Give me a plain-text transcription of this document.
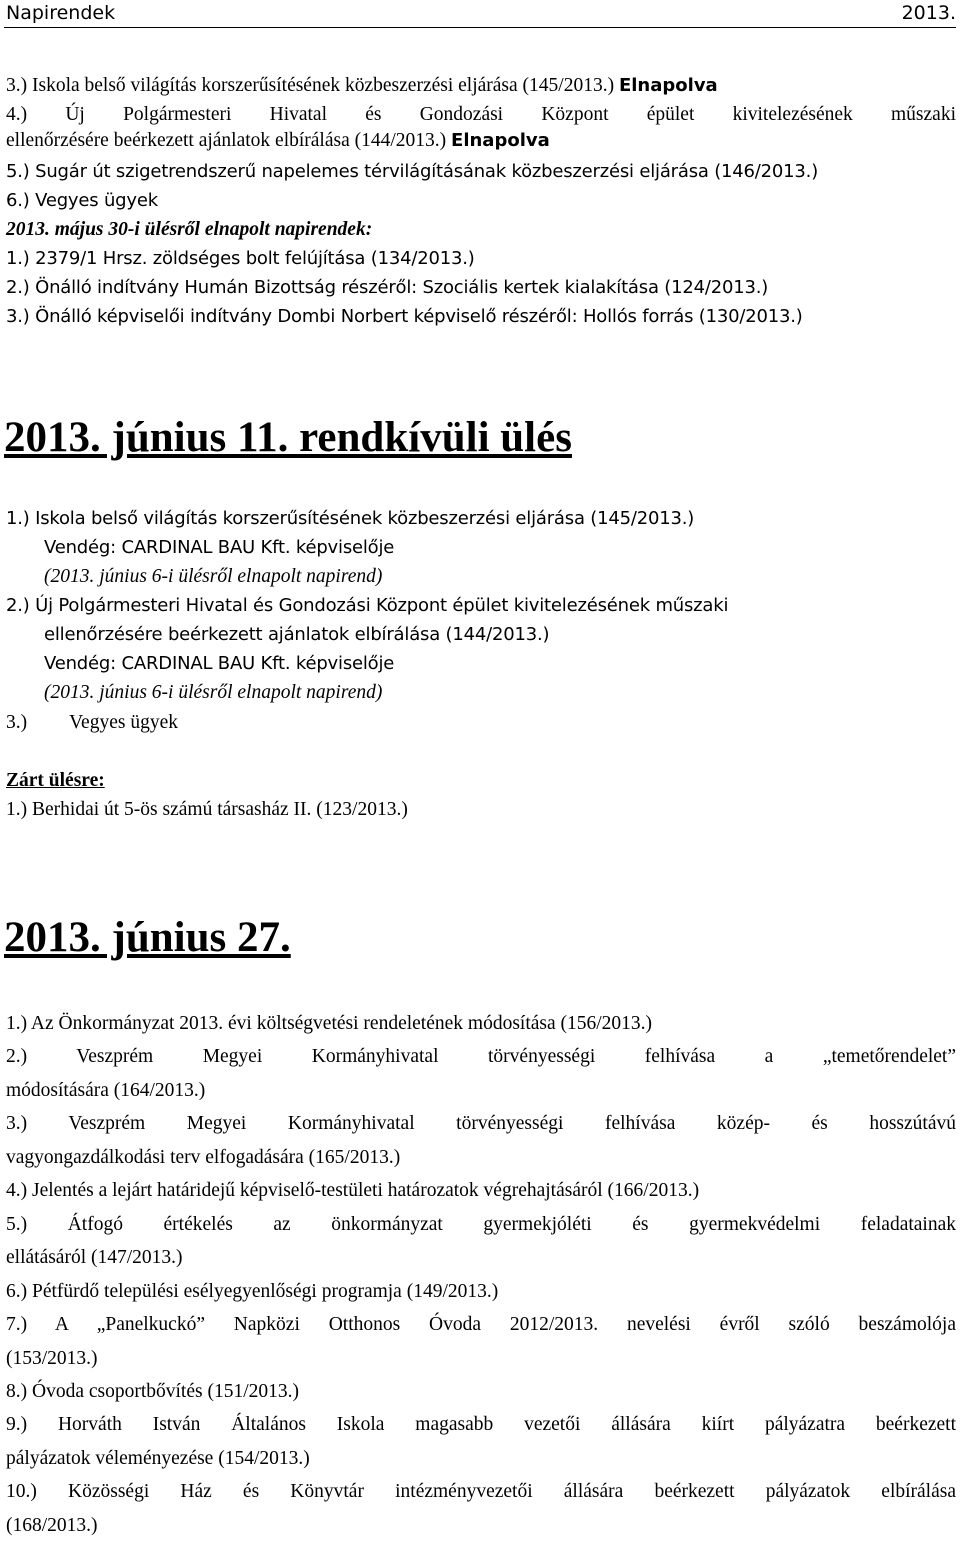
Napirendek	2013.
3.) Iskola belső világítás korszerűsítésének közbeszerzési eljárása (145/2013.) Elnapolva
4.) Új Polgármesteri Hivatal és Gondozási Központ épület kivitelezésének műszaki
ellenőrzésére beérkezett ajánlatok elbírálása (144/2013.) Elnapolva
5.) Sugár út szigetrendszerű napelemes térvilágításának közbeszerzési eljárása (146/2013.)
6.) Vegyes ügyek
2013. május 30-i ülésről elnapolt napirendek:
1.) 2379/1 Hrsz. zöldséges bolt felújítása (134/2013.)
2.) Önálló indítvány Humán Bizottság részéről: Szociális kertek kialakítása (124/2013.)
3.) Önálló képviselői indítvány Dombi Norbert képviselő részéről: Hollós forrás (130/2013.)
2013. június 11. rendkívüli ülés
1.) Iskola belső világítás korszerűsítésének közbeszerzési eljárása (145/2013.)
Vendég: CARDINAL BAU Kft. képviselője
(2013. június 6-i ülésről elnapolt napirend)
2.) Új Polgármesteri Hivatal és Gondozási Központ épület kivitelezésének műszaki
ellenőrzésére beérkezett ajánlatok elbírálása (144/2013.)
Vendég: CARDINAL BAU Kft. képviselője
(2013. június 6-i ülésről elnapolt napirend)
3.) Vegyes ügyek
Zárt ülésre:
1.) Berhidai út 5-ös számú társasház II. (123/2013.)
2013. június 27.
1.) Az Önkormányzat 2013. évi költségvetési rendeletének módosítása (156/2013.)
2.) Veszprém Megyei Kormányhivatal törvényességi felhívása a „temetőrendelet”
módosítására (164/2013.)
3.) Veszprém Megyei Kormányhivatal törvényességi felhívása közép- és hosszútávú
vagyongazdálkodási terv elfogadására (165/2013.)
4.) Jelentés a lejárt határidejű képviselő-testületi határozatok végrehajtásáról (166/2013.)
5.) Átfogó értékelés az önkormányzat gyermekjóléti és gyermekvédelmi feladatainak
ellátásáról (147/2013.)
6.) Pétfürdő települési esélyegyenlőségi programja (149/2013.)
7.) A „Panelkuckó” Napközi Otthonos Óvoda 2012/2013. nevelési évről szóló beszámolója
(153/2013.)
8.) Óvoda csoportbővítés (151/2013.)
9.) Horváth István Általános Iskola magasabb vezetői állására kiírt pályázatra beérkezett
pályázatok véleményezése (154/2013.)
10.) Közösségi Ház és Könyvtár intézményvezetői állására beérkezett pályázatok elbírálása
(168/2013.)
